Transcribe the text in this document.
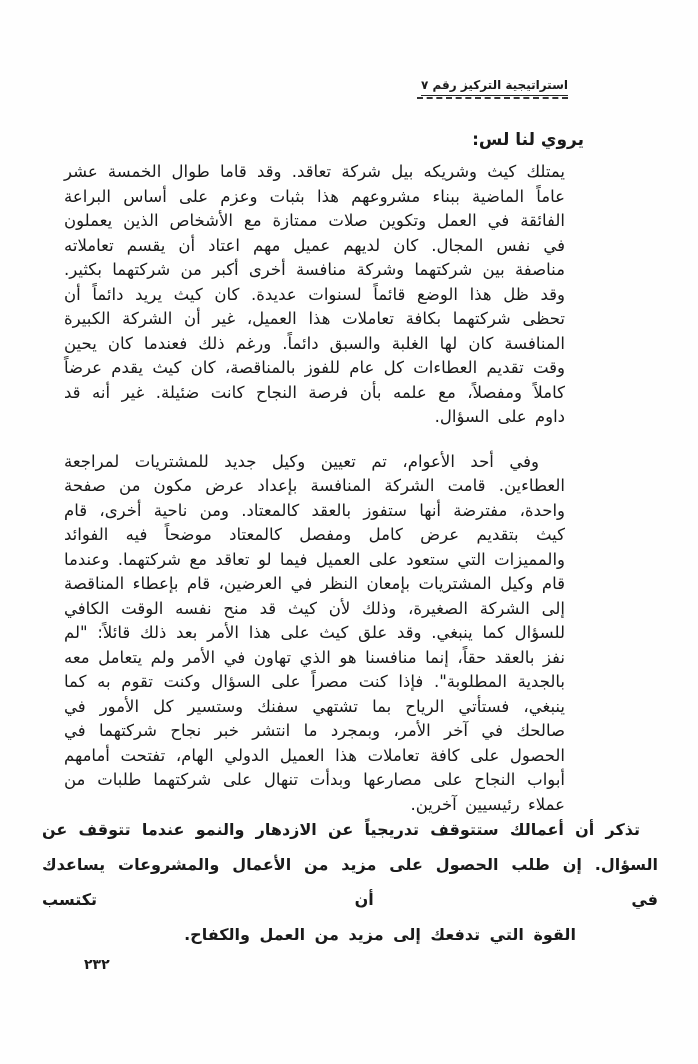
استراتيجية التركيز رقم ٧
يروي لنا لس:

يمتلك كيث وشريكه بيل شركة تعاقد. وقد قاما طوال الخمسة عشر عاماً الماضية ببناء مشروعهم هذا بثبات وعزم على أساس البراعة الفائقة في العمل وتكوين صلات ممتازة مع الأشخاص الذين يعملون في نفس المجال. كان لديهم عميل مهم اعتاد أن يقسم تعاملاته مناصفة بين شركتهما وشركة منافسة أخرى أكبر من شركتهما بكثير. وقد ظل هذا الوضع قائماً لسنوات عديدة. كان كيث يريد دائماً أن تحظى شركتهما بكافة تعاملات هذا العميل، غير أن الشركة الكبيرة المنافسة كان لها الغلبة والسبق دائماً. ورغم ذلك فعندما كان يحين وقت تقديم العطاءات كل عام للفوز بالمناقصة، كان كيث يقدم عرضاً كاملاً ومفصلاً، مع علمه بأن فرصة النجاح كانت ضئيلة. غير أنه قد داوم على السؤال.

وفي أحد الأعوام، تم تعيين وكيل جديد للمشتريات لمراجعة العطاءين. قامت الشركة المنافسة بإعداد عرض مكون من صفحة واحدة، مفترضة أنها ستفوز بالعقد كالمعتاد. ومن ناحية أخرى، قام كيث بتقديم عرض كامل ومفصل كالمعتاد موضحاً فيه الفوائد والمميزات التي ستعود على العميل فيما لو تعاقد مع شركتهما. وعندما قام وكيل المشتريات بإمعان النظر في العرضين، قام بإعطاء المناقصة إلى الشركة الصغيرة، وذلك لأن كيث قد منح نفسه الوقت الكافي للسؤال كما ينبغي. وقد علق كيث على هذا الأمر بعد ذلك قائلاً: "لم نفز بالعقد حقاً، إنما منافسنا هو الذي تهاون في الأمر ولم يتعامل معه بالجدية المطلوبة". فإذا كنت مصراً على السؤال وكنت تقوم به كما ينبغي، فستأتي الرياح بما تشتهي سفنك وستسير كل الأمور في صالحك في آخر الأمر، وبمجرد ما انتشر خبر نجاح شركتهما في الحصول على كافة تعاملات هذا العميل الدولي الهام، تفتحت أمامهم أبواب النجاح على مصارعها وبدأت تنهال على شركتهما طلبات من عملاء رئيسيين آخرين.

تذكر أن أعمالك ستتوقف تدريجياً عن الازدهار والنمو عندما تتوقف عن السؤال. إن طلب الحصول على مزيد من الأعمال والمشروعات يساعدك في أن تكتسب

القوة التي تدفعك إلى مزيد من العمل والكفاح.

٢٣٢
